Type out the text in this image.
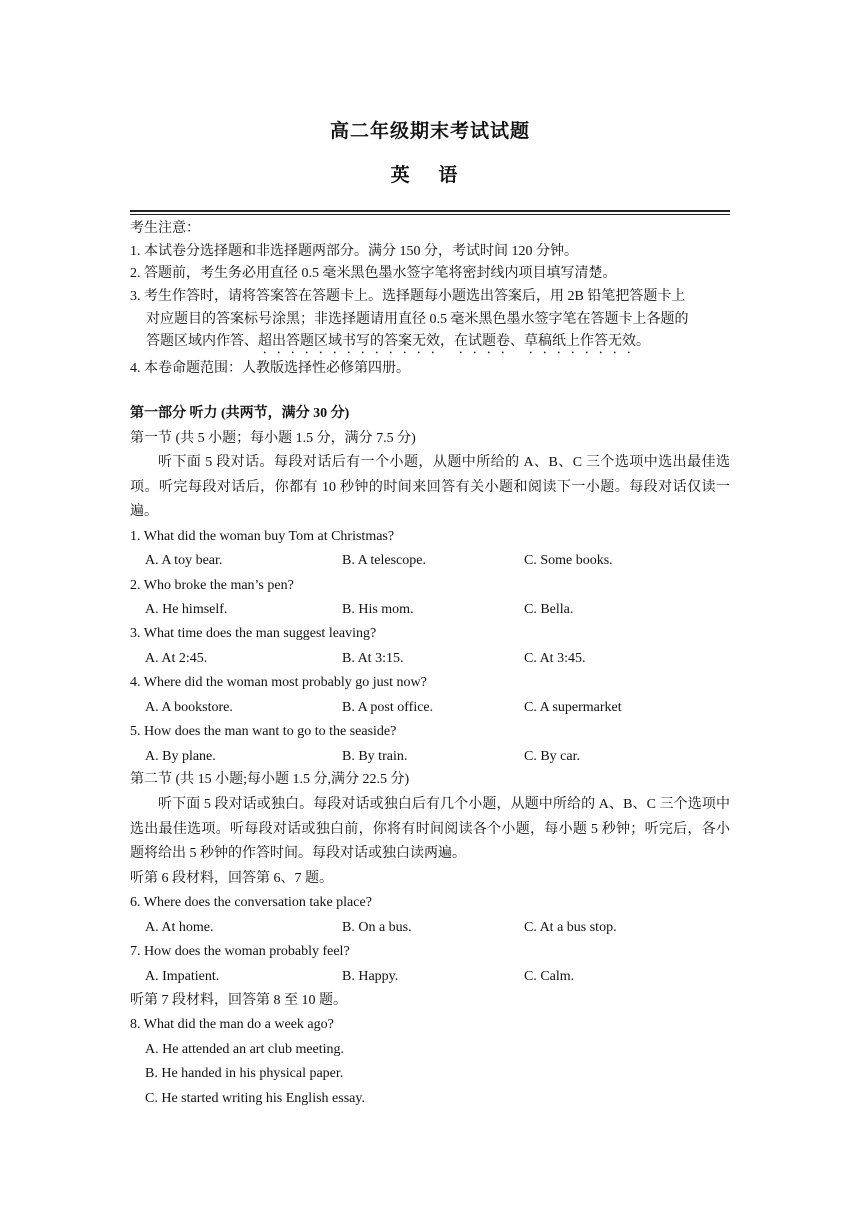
高二年级期末考试试题
英 语
考生注意：
1. 本试卷分选择题和非选择题两部分。满分 150 分，考试时间 120 分钟。
2. 答题前，考生务必用直径 0.5 毫米黑色墨水签字笔将密封线内项目填写清楚。
3. 考生作答时，请将答案答在答题卡上。选择题每小题选出答案后，用 2B 铅笔把答题卡上
对应题目的答案标号涂黑；非选择题请用直径 0.5 毫米黑色墨水签字笔在答题卡上各题的
答题区域内作答、超出答题区域书写的答案无效，在试题卷、草稿纸上作答无效。
4. 本卷命题范围：人教版选择性必修第四册。
第一部分 听力 (共两节，满分 30 分)
第一节 (共 5 小题；每小题 1.5 分，满分 7.5 分)

听下面 5 段对话。每段对话后有一个小题，从题中所给的 A、B、C 三个选项中选出最佳选项。听完每段对话后，你都有 10 秒钟的时间来回答有关小题和阅读下一小题。每段对话仅读一遍。

1. What did the woman buy Tom at Christmas?
A. A toy bear.	B. A telescope.	C. Some books.
2. Who broke the man’s pen?
A. He himself.	B. His mom.	C. Bella.
3. What time does the man suggest leaving?
A. At 2:45.	B. At 3:15.	C. At 3:45.
4. Where did the woman most probably go just now?
A. A bookstore.	B. A post office.	C. A supermarket
5. How does the man want to go to the seaside?
A. By plane.	B. By train.	C. By car.
第二节 (共 15 小题;每小题 1.5 分,满分 22.5 分)

听下面 5 段对话或独白。每段对话或独白后有几个小题，从题中所给的 A、B、C 三个选项中选出最佳选项。听每段对话或独白前，你将有时间阅读各个小题，每小题 5 秒钟；听完后，各小题将给出 5 秒钟的作答时间。每段对话或独白读两遍。

听第 6 段材料，回答第 6、7 题。
6. Where does the conversation take place?
A. At home.	B. On a bus.	C. At a bus stop.
7. How does the woman probably feel?
A. Impatient.	B. Happy.	C. Calm.
听第 7 段材料，回答第 8 至 10 题。
8. What did the man do a week ago?
A. He attended an art club meeting.
B. He handed in his physical paper.
C. He started writing his English essay.
